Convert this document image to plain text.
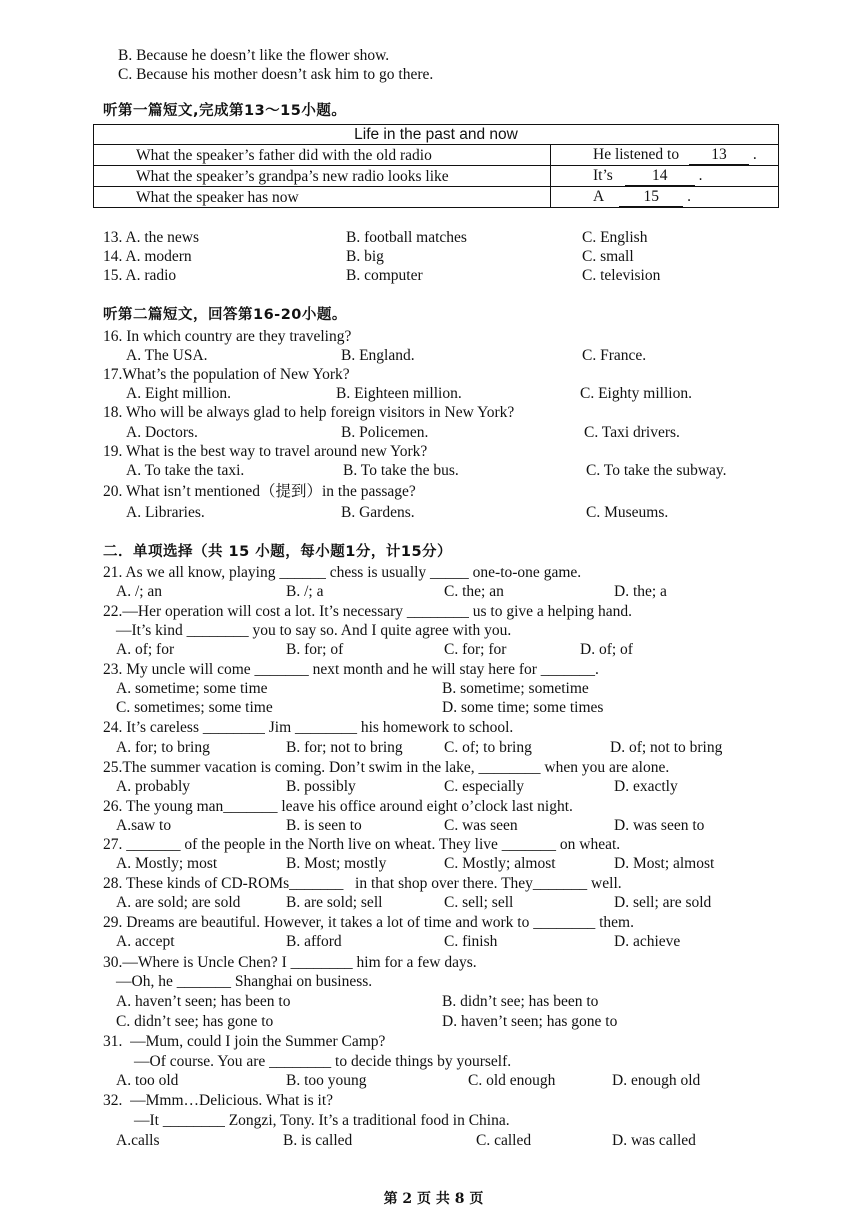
B. Because he doesn’t like the flower show.
C. Because his mother doesn’t ask him to go there.
听第一篇短文,完成第13～15小题。
Life in the past and now	
What the speaker’s father did with the old radio	He listened to 13 .
What the speaker’s grandpa’s new radio looks like	It’s 14 .
What the speaker has now	A 15 .
13. A. the news	B. football matches	C. English
14. A. modern	B. big	C. small
15. A. radio	B. computer	C. television
听第二篇短文，回答第16-20小题。
16. In which country are they traveling?
A. The USA.	B. England.	C. France.
17.What’s the population of New York?
A. Eight million.	B. Eighteen million.	C. Eighty million.
18. Who will be always glad to help foreign visitors in New York?
A. Doctors.	B. Policemen.	C. Taxi drivers.
19. What is the best way to travel around new York?
A. To take the taxi.	B. To take the bus.	C. To take the subway.
20. What isn’t mentioned（提到）in the passage?
A. Libraries.	B. Gardens.	C. Museums.
二．单项选择（共 15 小题，每小题1分，计15分）
21. As we all know, playing ______ chess is usually _____ one-to-one game.
A. /; an	B. /; a	C. the; an	D. the; a
22.—Her operation will cost a lot. It’s necessary ________ us to give a helping hand.
—It’s kind ________ you to say so. And I quite agree with you.
A. of; for	B. for; of	C. for; for	D. of; of
23. My uncle will come _______ next month and he will stay here for _______.
A. sometime; some time	B. sometime; sometime
C. sometimes; some time	D. some time; some times
24. It’s careless ________ Jim ________ his homework to school.
A. for; to bring	B. for; not to bring	C. of; to bring	D. of; not to bring
25.The summer vacation is coming. Don’t swim in the lake, ________ when you are alone.
A. probably	B. possibly	C. especially	D. exactly
26. The young man_______ leave his office around eight o’clock last night.
A.saw to	B. is seen to	C. was seen	D. was seen to
27. _______ of the people in the North live on wheat. They live _______ on wheat.
A. Mostly; most	B. Most; mostly	C. Mostly; almost	D. Most; almost
28. These kinds of CD-ROMs_______   in that shop over there. They_______ well.
A. are sold; are sold	B. are sold; sell	C. sell; sell	D. sell; are sold
29. Dreams are beautiful. However, it takes a lot of time and work to ________ them.
A. accept	B. afford	C. finish	D. achieve
30.—Where is Uncle Chen? I ________ him for a few days.
—Oh, he _______ Shanghai on business.
A. haven’t seen; has been to	B. didn’t see; has been to
C. didn’t see; has gone to	D. haven’t seen; has gone to
31.  —Mum, could I join the Summer Camp?
—Of course. You are ________ to decide things by yourself.
A. too old	B. too young	C. old enough	D. enough old
32.  —Mmm…Delicious. What is it?
—It ________ Zongzi, Tony. It’s a traditional food in China.
A.calls	B. is called	C. called	D. was called
第 2 页 共 8 页
